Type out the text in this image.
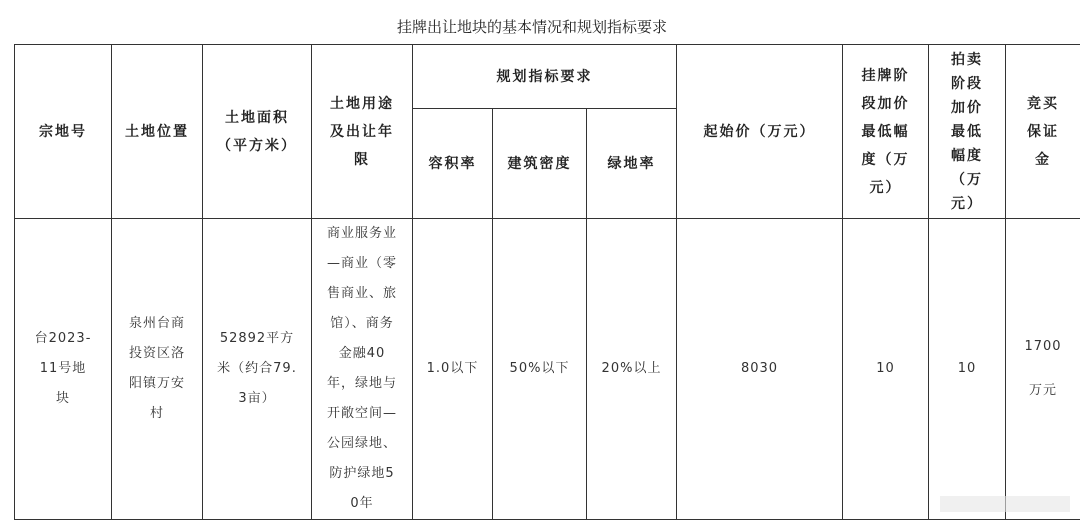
挂牌出让地块的基本情况和规划指标要求
宗地号	土地位置	土地面积（平方米）	土地用途及出让年限	规划指标要求			起始价（万元）	挂牌阶段加价最低幅度（万元）	拍卖阶段加价最低幅度（万元）	竞买保证金

				容积率	建筑密度	绿地率				

台2023-11号地块	泉州台商投资区洛阳镇万安村	52892平方米（约合79.3亩）	商业服务业—商业（零售商业、旅馆）、商务金融40年，绿地与开敞空间—公园绿地、防护绿地50年	1.0以下	50%以下	20%以上	8030	10	10	1700万元
